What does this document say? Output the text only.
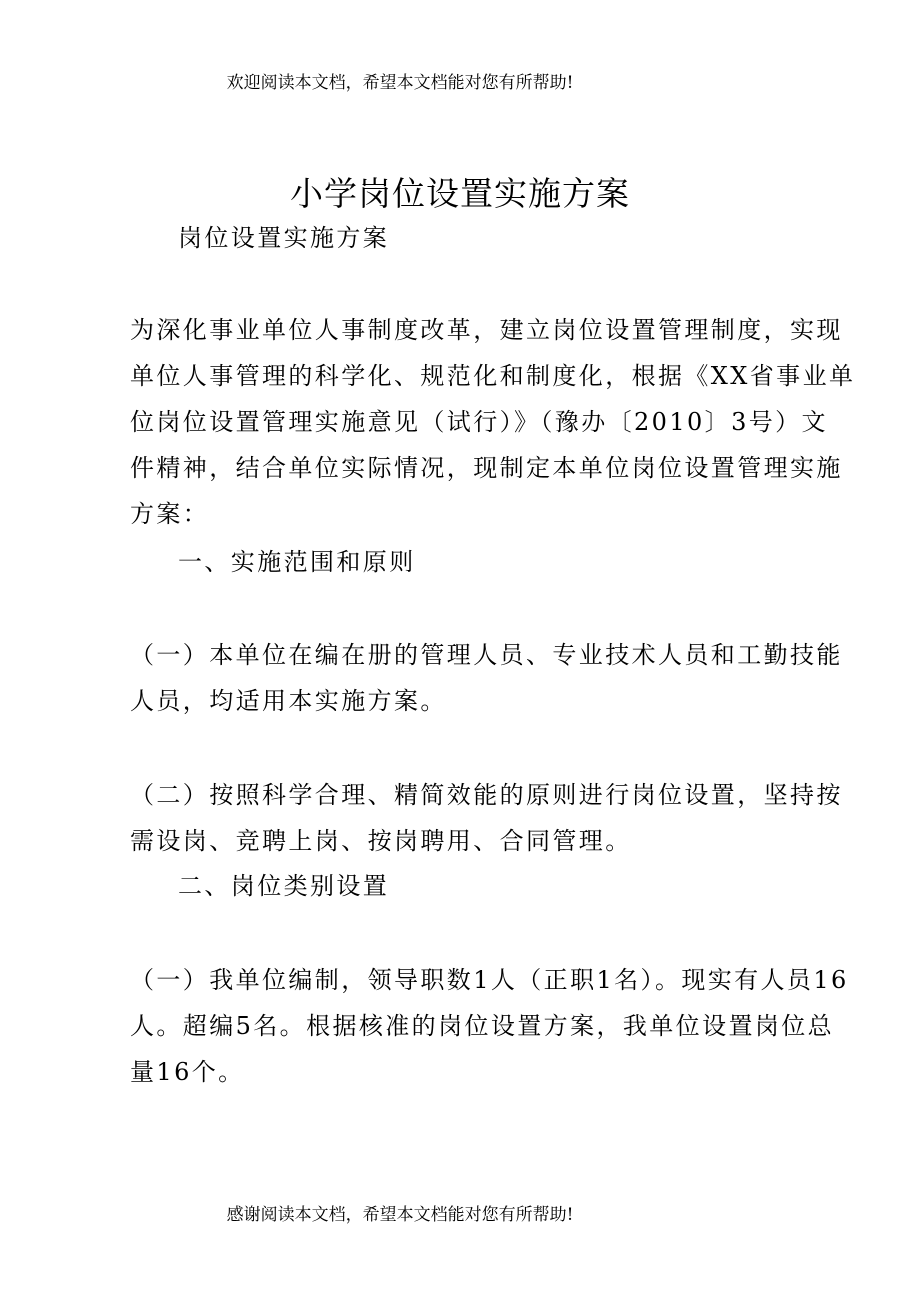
欢迎阅读本文档，希望本文档能对您有所帮助!
小学岗位设置实施方案
岗位设置实施方案
为深化事业单位人事制度改革，建立岗位设置管理制度，实现
单位人事管理的科学化、规范化和制度化，根据《XX省事业单
位岗位设置管理实施意见（试行）》（豫办〔2010〕3号）文
件精神，结合单位实际情况，现制定本单位岗位设置管理实施
方案：
一、实施范围和原则
（一）本单位在编在册的管理人员、专业技术人员和工勤技能
人员，均适用本实施方案。
（二）按照科学合理、精简效能的原则进行岗位设置，坚持按
需设岗、竞聘上岗、按岗聘用、合同管理。
二、岗位类别设置
（一）我单位编制，领导职数1人（正职1名）。现实有人员16
人。超编5名。根据核准的岗位设置方案，我单位设置岗位总
量16个。
感谢阅读本文档，希望本文档能对您有所帮助!
